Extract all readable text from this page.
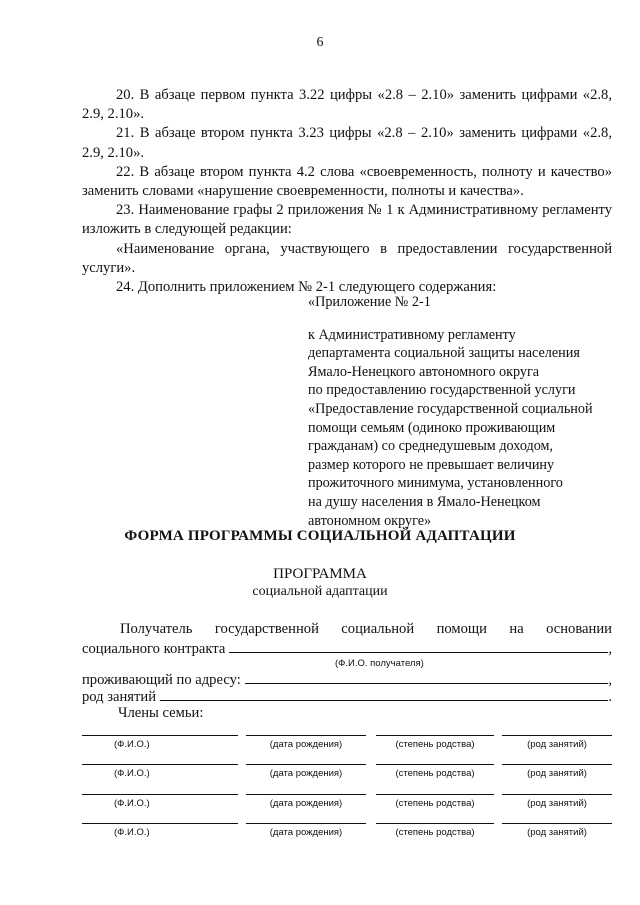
6

20. В абзаце первом пункта 3.22 цифры «2.8 – 2.10» заменить цифрами «2.8, 2.9, 2.10».

21. В абзаце втором пункта 3.23 цифры «2.8 – 2.10» заменить цифрами «2.8, 2.9, 2.10».

22. В абзаце втором пункта 4.2 слова «своевременность, полноту и качество» заменить словами «нарушение своевременности, полноты и качества».

23. Наименование графы 2 приложения № 1 к Административному регламенту изложить в следующей редакции:

«Наименование органа, участвующего в предоставлении государственной услуги».

24. Дополнить приложением № 2-1 следующего содержания:

«Приложение № 2-1
к Административному регламенту
департамента социальной защиты населения
Ямало-Ненецкого автономного округа
по предоставлению государственной услуги
«Предоставление государственной социальной
помощи семьям (одиноко проживающим
гражданам) со среднедушевым доходом,
размер которого не превышает величину
прожиточного минимума, установленного
на душу населения в Ямало-Ненецком
автономном округе»
ФОРМА ПРОГРАММЫ СОЦИАЛЬНОЙ АДАПТАЦИИ
ПРОГРАММА
социальной адаптации
Получатель государственной социальной помощи на основании
социального контракта	,
(Ф.И.О. получателя)
проживающий по адресу:	,
род занятий	.
Члены семьи:
(Ф.И.О.)	(дата рождения)	(степень родства)	(род занятий)
(Ф.И.О.)	(дата рождения)	(степень родства)	(род занятий)
(Ф.И.О.)	(дата рождения)	(степень родства)	(род занятий)
(Ф.И.О.)	(дата рождения)	(степень родства)	(род занятий)
